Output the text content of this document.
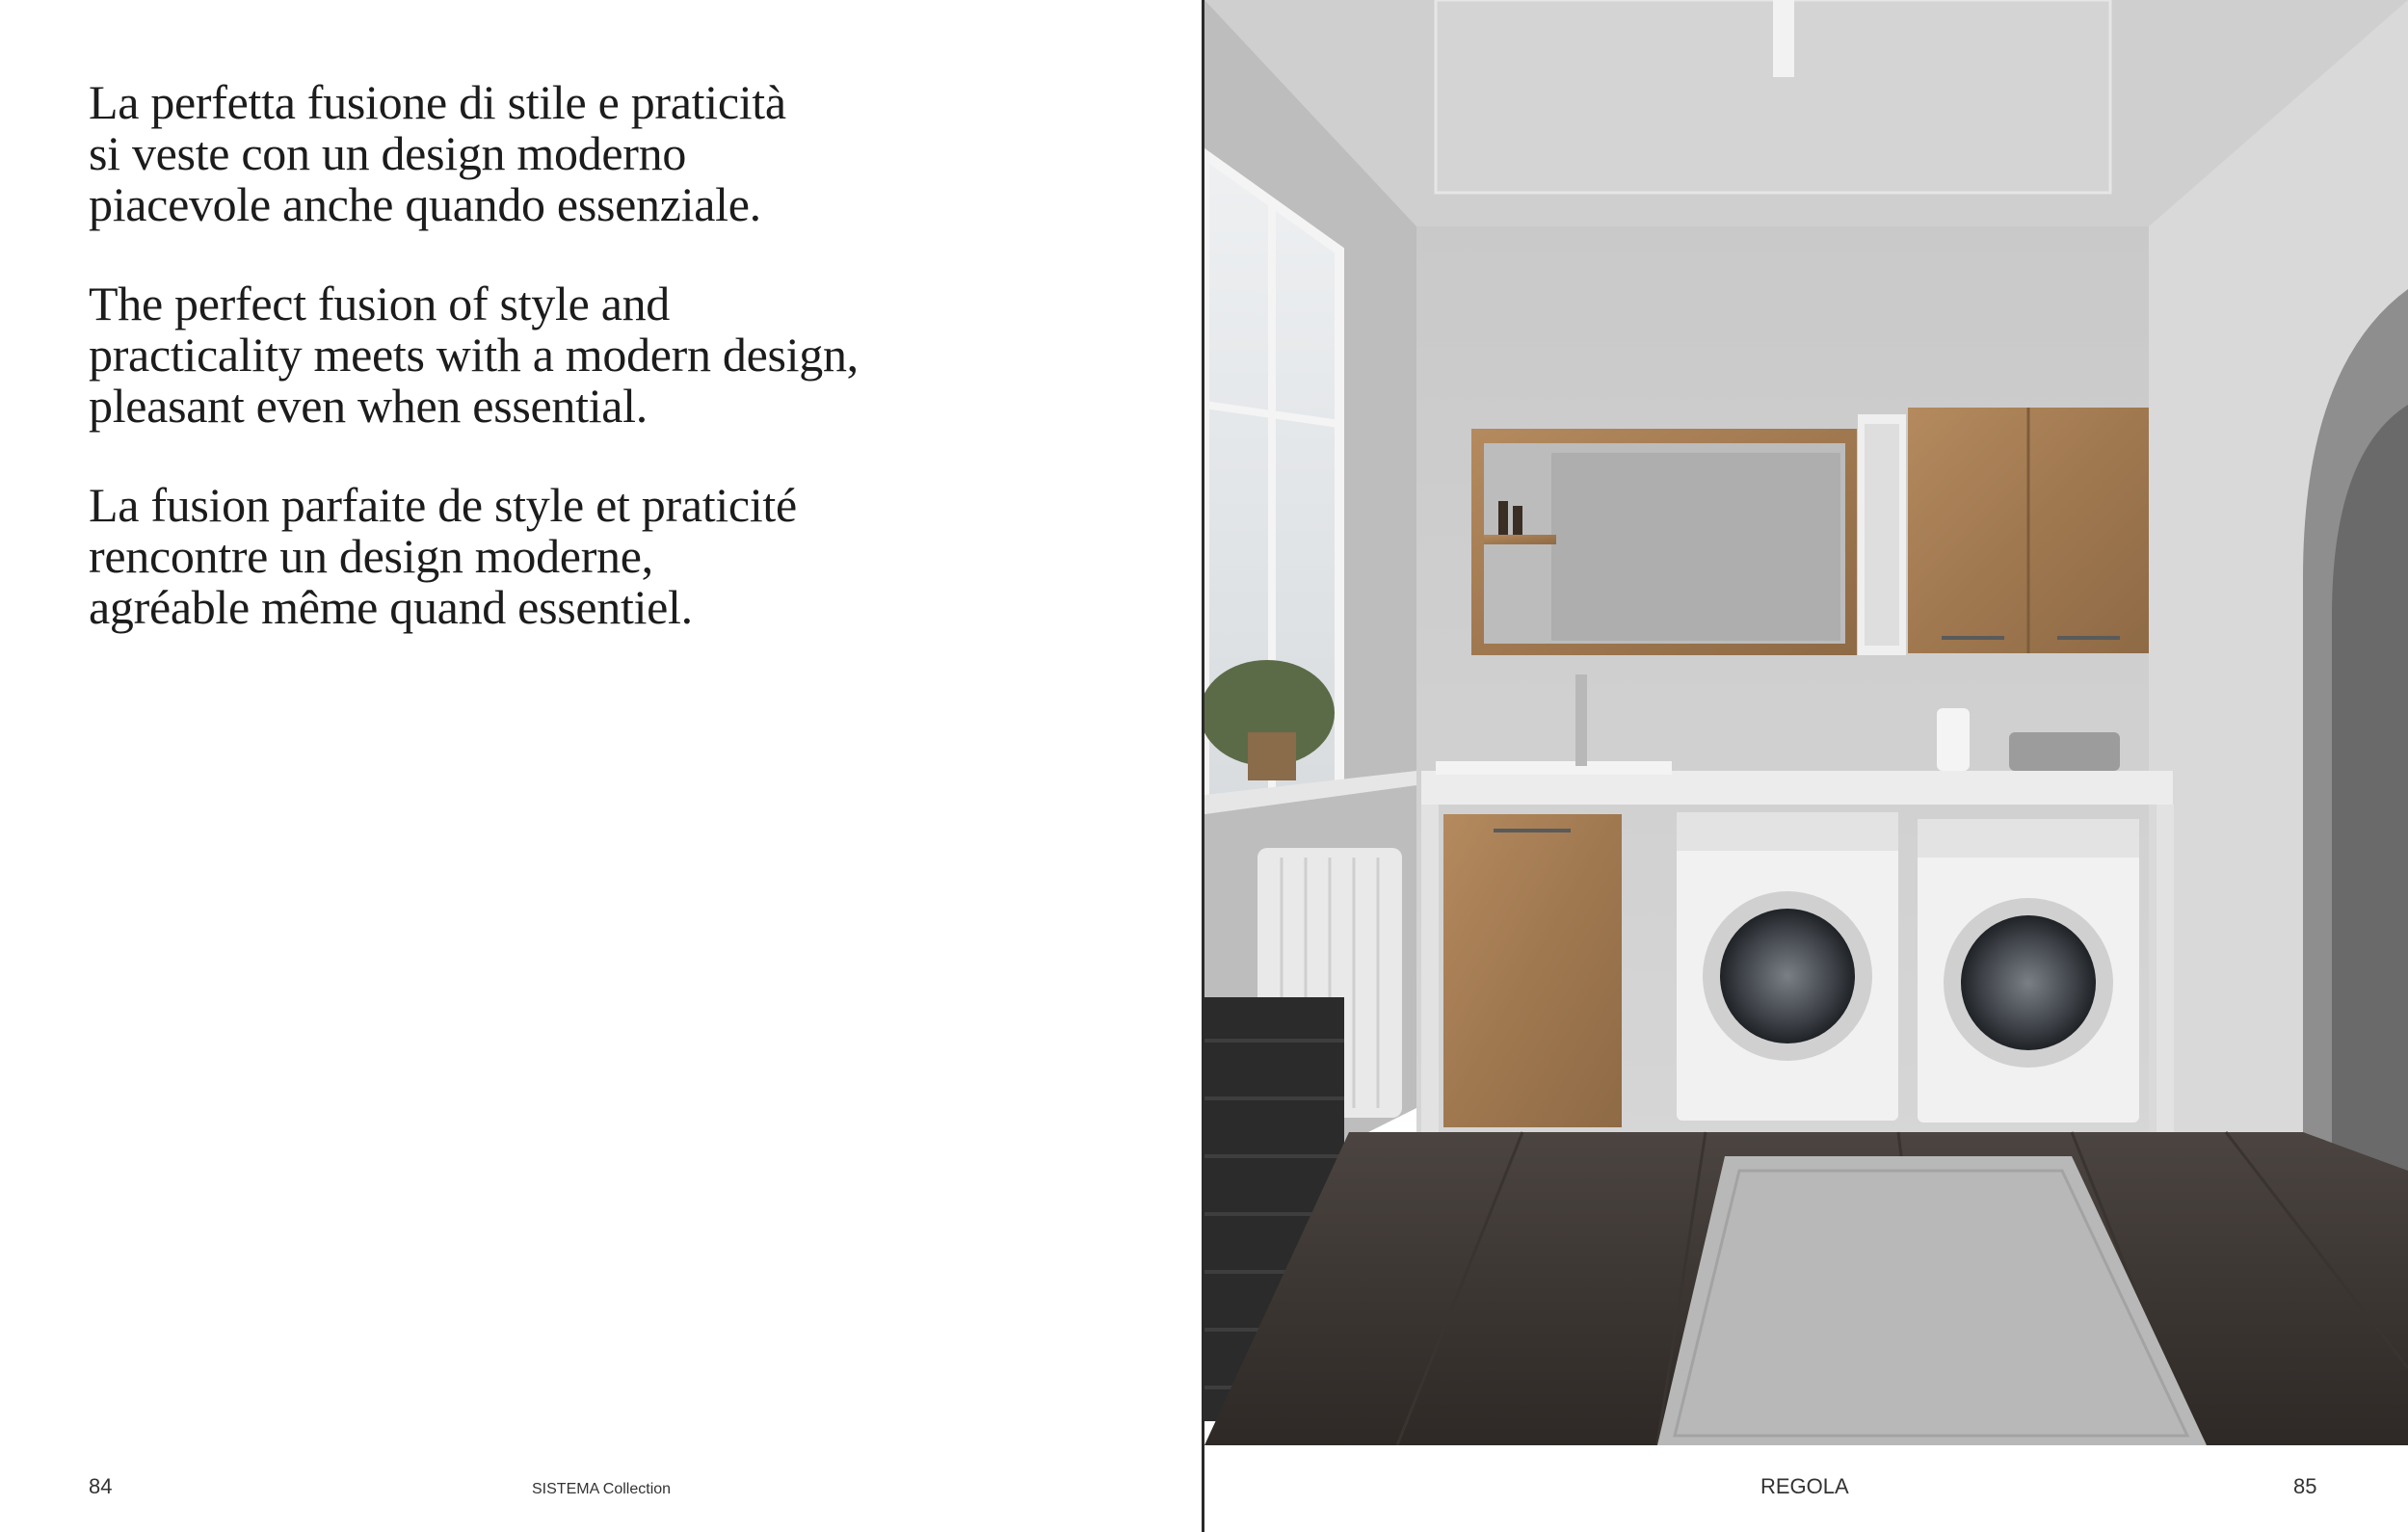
La perfetta fusione di stile e praticità
si veste con un design moderno
piacevole anche quando essenziale.

The perfect fusion of style and
practicality meets with a modern design,
pleasant even when essential.

La fusion parfaite de style et praticité
rencontre un design moderne,
agréable même quand essentiel.

84	SISTEMA Collection	REGOLA	85
